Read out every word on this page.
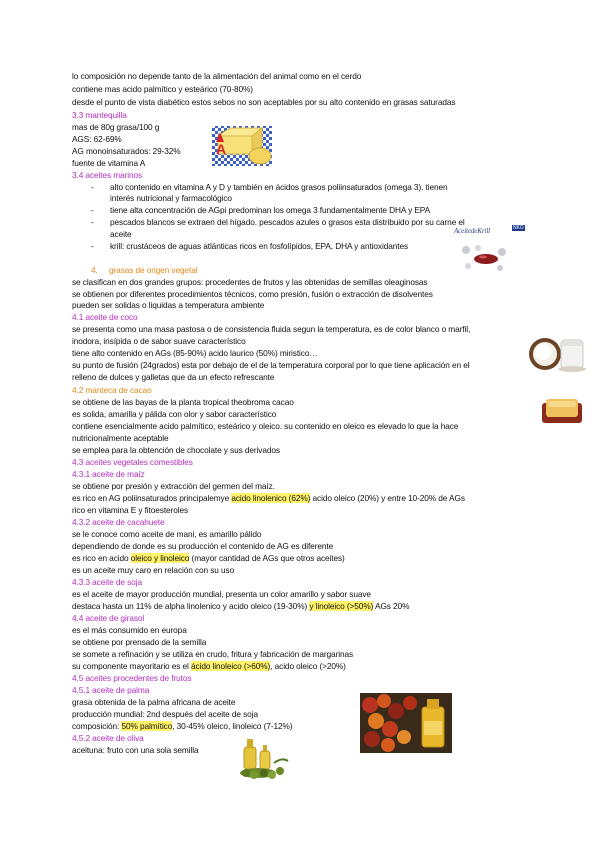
lo composición no depende tanto de la alimentación del animal como en el cerdo
contiene mas acido palmítico y esteárico (70-80%)
desde el punto de vista diabético estos sebos no son aceptables por su alto contenido en grasas saturadas
3.3 mantequilla
mas de 80g grasa/100 g
AGS: 62-69%
AG monoinsaturados: 29-32%
fuente de vitamina A
A
3.4 aceites marinos
- alto contenido en vitamina A y D y también en ácidos grasos poliinsaturados (omega 3). tienen
interés nutricional y farmacológico
- tiene alta concentración de AGpi predominan los omega 3 fundamentalmente DHA y EPA
- pescados blancos se extraen del hígado. pescados azules o grasos esta distribuido por su carne el
aceite
- krill: crustáceos de aguas atlánticas ricos en fosfolípidos, EPA, DHA y antioxidantes
AceitedeKrill	NKO
4. grasas de origen vegetal
se clasifican en dos grandes grupos: procedentes de frutos y las obtenidas de semillas oleaginosas
se obtienen por diferentes procedimientos técnicos, como presión, fusión o extracción de disolventes
pueden ser solidas o liquidas a temperatura ambiente
4.1 aceite de coco
se presenta como una masa pastosa o de consistencia fluida segun la temperatura, es de color blanco o marfil,
inodora, insípida o de sabor suave característico
tiene alto contenido en AGs (85-90%) acido laurico (50%) miristico…
su punto de fusión (24grados) esta por debajo de el de la temperatura corporal por lo que tiene aplicación en el
relleno de dulces y galletas que da un efecto refrescante
4.2 manteca de cacao
se obtiene de las bayas de la planta tropical theobroma cacao
es solida, amarilla y pálida con olor y sabor característico
contiene esencialmente acido palmítico, esteárico y oleico. su contenido en oleico es elevado lo que la hace
nutricionalmente aceptable
se emplea para la obtención de chocolate y sus derivados
4.3 aceites vegetales comestibles
4.3.1 aceite de maíz
se obtiene por presión y extracción del germen del maíz.
es rico en AG poliinsaturados principalemye acido linolenico (62%) acido oleico (20%) y entre 10-20% de AGs
rico en vitamina E y fitoesteroles
4.3.2 aceite de cacahuete
se le conoce como aceite de mani, es amarillo pálido
dependiendo de donde es su producción el contenido de AG es diferente
es rico en acido oleico y linoleico (mayor cantidad de AGs que otros aceites)
es un aceite muy caro en relación con su uso
4.3.3 aceite de soja
es el aceite de mayor producción mundial, presenta un color amarillo y sabor suave
destaca hasta un 11% de alpha linolenico y acido oleico (19-30%) y linoleico (>50%) AGs 20%
4.4 aceite de girasol
es el más consumido en europa
se obtiene por prensado de la semilla
se somete a refinación y se utiliza en crudo, fritura y fabricación de margarinas
su componente mayoritario es el ácido linoleico (>60%), acido oleico (>20%)
4.5 aceites procedentes de frutos
4.5.1 aceite de palma
grasa obtenida de la palma africana de aceite
producción mundial: 2nd después del aceite de soja
composición: 50% palmítico, 30-45% oleico, linoleico (7-12%)
4.5.2 aceite de oliva
aceituna: fruto con una sola semilla
